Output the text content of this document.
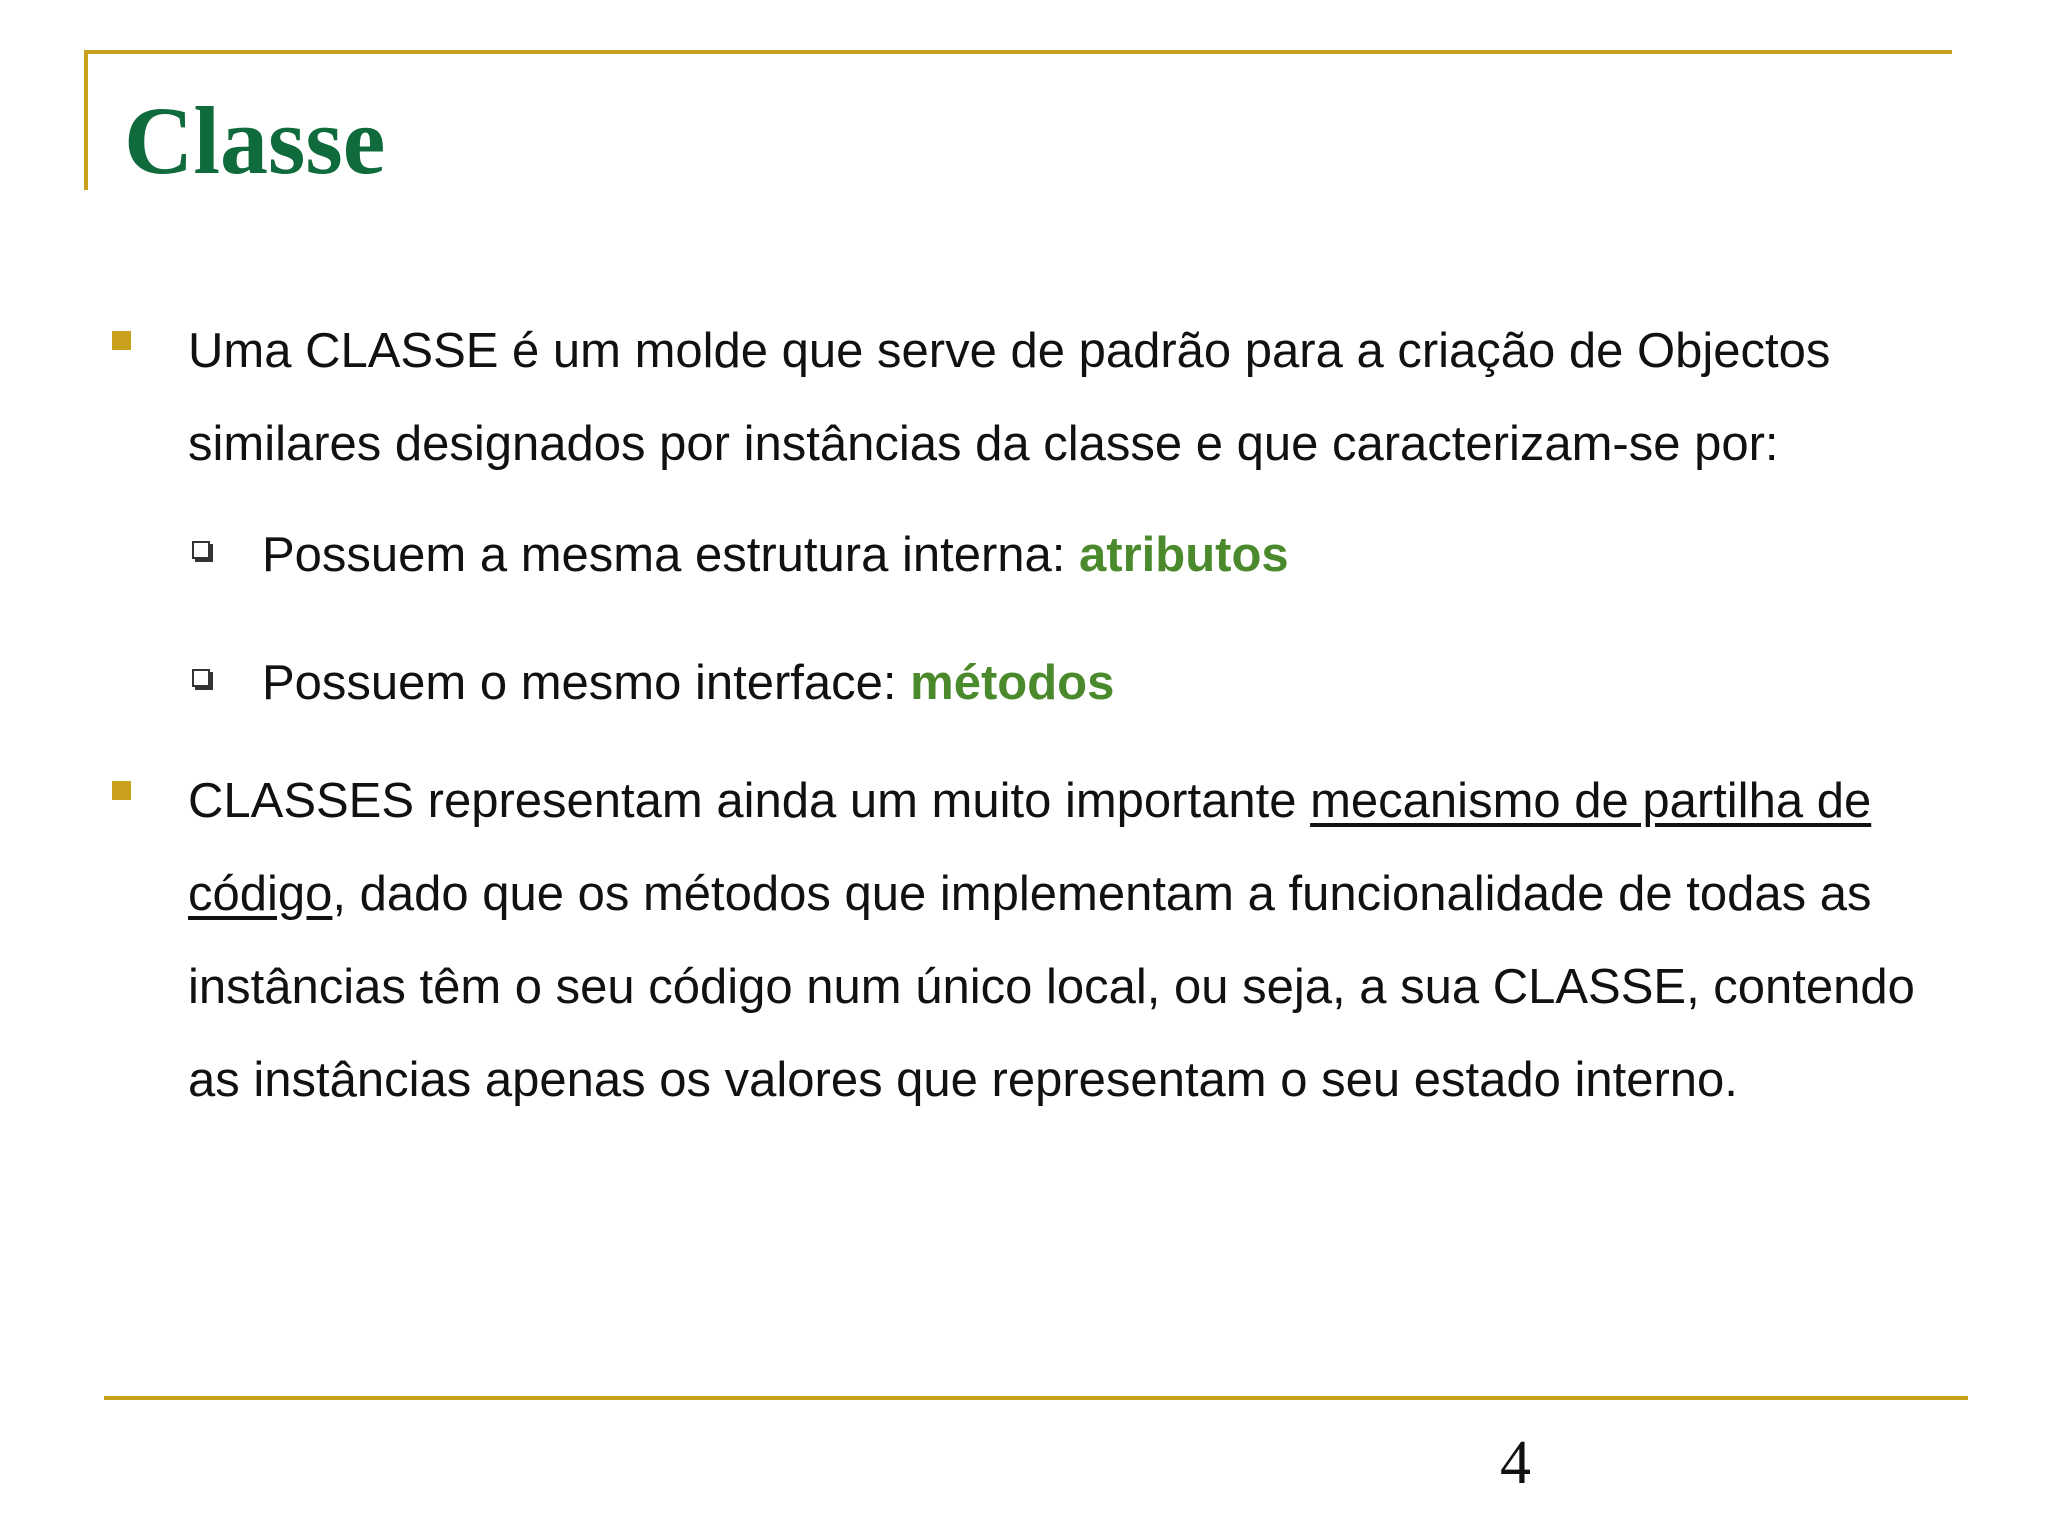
Classe
Uma CLASSE é um molde que serve de padrão para a criação de Objectos similares designados por instâncias da classe e que caracterizam-se por:
Possuem a mesma estrutura interna: atributos
Possuem o mesmo interface: métodos
CLASSES representam ainda um muito importante mecanismo de partilha de código, dado que os métodos que implementam a funcionalidade de todas as instâncias têm o seu código num único local, ou seja, a sua CLASSE, contendo as instâncias apenas os valores que representam o seu estado interno.
4
